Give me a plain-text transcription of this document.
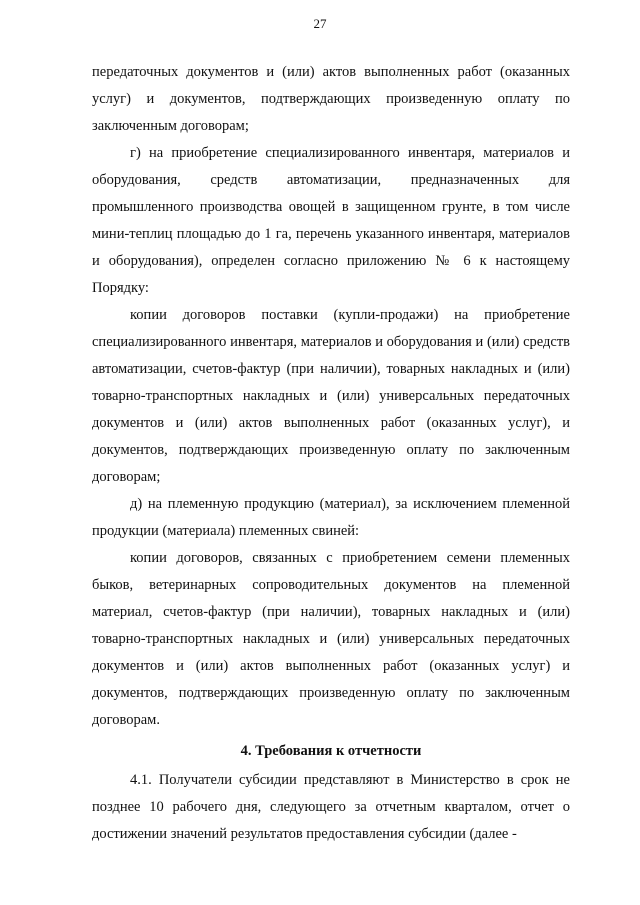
27

передаточных документов и (или) актов выполненных работ (оказанных услуг) и документов, подтверждающих произведенную оплату по заключенным договорам;

г) на приобретение специализированного инвентаря, материалов и оборудования, средств автоматизации, предназначенных для промышленного производства овощей в защищенном грунте, в том числе мини-теплиц площадью до 1 га, перечень указанного инвентаря, материалов и оборудования), определен согласно приложению № 6 к настоящему Порядку:

копии договоров поставки (купли-продажи) на приобретение специализированного инвентаря, материалов и оборудования и (или) средств автоматизации, счетов-фактур (при наличии), товарных накладных и (или) товарно-транспортных накладных и (или) универсальных передаточных документов и (или) актов выполненных работ (оказанных услуг), и документов, подтверждающих произведенную оплату по заключенным договорам;

д) на племенную продукцию (материал), за исключением племенной продукции (материала) племенных свиней:

копии договоров, связанных с приобретением семени племенных быков, ветеринарных сопроводительных документов на племенной материал, счетов-фактур (при наличии), товарных накладных и (или) товарно-транспортных накладных и (или) универсальных передаточных документов и (или) актов выполненных работ (оказанных услуг) и документов, подтверждающих произведенную оплату по заключенным договорам.

4. Требования к отчетности

4.1. Получатели субсидии представляют в Министерство в срок не позднее 10 рабочего дня, следующего за отчетным кварталом, отчет о достижении значений результатов предоставления субсидии (далее -
